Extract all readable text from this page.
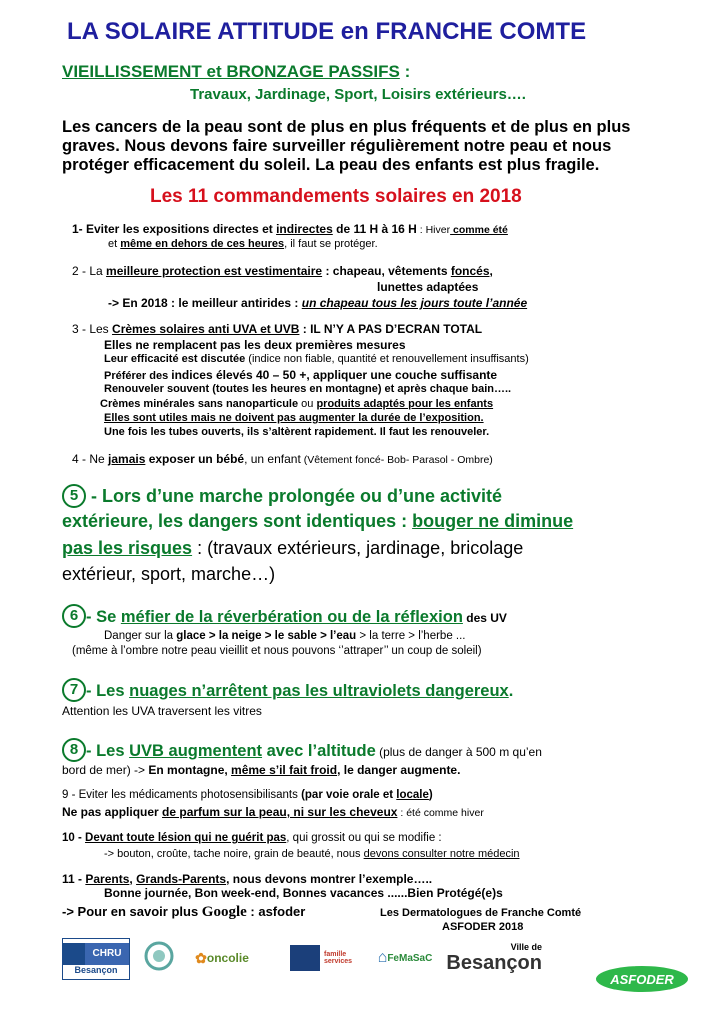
LA SOLAIRE ATTITUDE en FRANCHE COMTE
VIEILLISSEMENT et BRONZAGE PASSIFS :
Travaux, Jardinage, Sport, Loisirs extérieurs….
Les cancers de la peau sont de plus en plus fréquents et de plus en plus
graves. Nous devons faire surveiller régulièrement notre peau et nous
protéger efficacement du soleil. La peau des enfants est plus fragile.
Les 11 commandements solaires en 2018
1- Eviter les expositions directes et indirectes de 11 H à 16 H : Hiver comme été
et même en dehors de ces heures, il faut se protéger.
2 - La meilleure protection est vestimentaire : chapeau, vêtements foncés,
lunettes adaptées
-> En 2018 : le meilleur antirides : un chapeau tous les jours toute l’année
3 - Les Crèmes solaires anti UVA et UVB : IL N’Y A PAS D’ECRAN TOTAL
Elles ne remplacent pas les deux premières mesures
Leur efficacité est discutée (indice non fiable, quantité et renouvellement insuffisants)
Préférer des indices élevés 40 – 50 +, appliquer une couche suffisante
Renouveler souvent (toutes les heures en montagne) et après chaque bain…..
Crèmes minérales sans nanoparticule ou produits adaptés pour les enfants
Elles sont utiles mais ne doivent pas augmenter la durée de l’exposition.
Une fois les tubes ouverts, ils s’altèrent rapidement. Il faut les renouveler.
4 - Ne jamais exposer un bébé, un enfant (Vêtement foncé- Bob- Parasol - Ombre)
5 - Lors d’une marche prolongée ou d’une activité
extérieure, les dangers sont identiques : bouger ne diminue
pas les risques : (travaux extérieurs, jardinage, bricolage
extérieur, sport, marche…)
6 - Se méfier de la réverbération ou de la réflexion des UV
Danger sur la glace > la neige > le sable > l’eau > la terre > l’herbe ...
(même à l’ombre notre peau vieillit et nous pouvons ‘’attraper’’ un coup de soleil)
7 - Les nuages n’arrêtent pas les ultraviolets dangereux.
Attention les UVA traversent les vitres
8 - Les UVB augmentent avec l’altitude (plus de danger à 500 m qu’en
bord de mer) -> En montagne, même s’il fait froid, le danger augmente.
9 - Eviter les médicaments photosensibilisants (par voie orale et locale)
Ne pas appliquer de parfum sur la peau, ni sur les cheveux : été comme hiver
10 - Devant toute lésion qui ne guérit pas, qui grossit ou qui se modifie :
-> bouton, croûte, tache noire, grain de beauté, nous devons consulter notre médecin
11 - Parents, Grands-Parents, nous devons montrer l’exemple…..
Bonne journée, Bon week-end, Bonnes vacances ......Bien Protégé(e)s
-> Pour en savoir plus Google : asfoder	Les Dermatologues de Franche Comté
ASFODER 2018
CHRU
Besançon
✿ oncolie	famille services	⌂ FeMaSaC
Ville de
Besançon
ASFODER
